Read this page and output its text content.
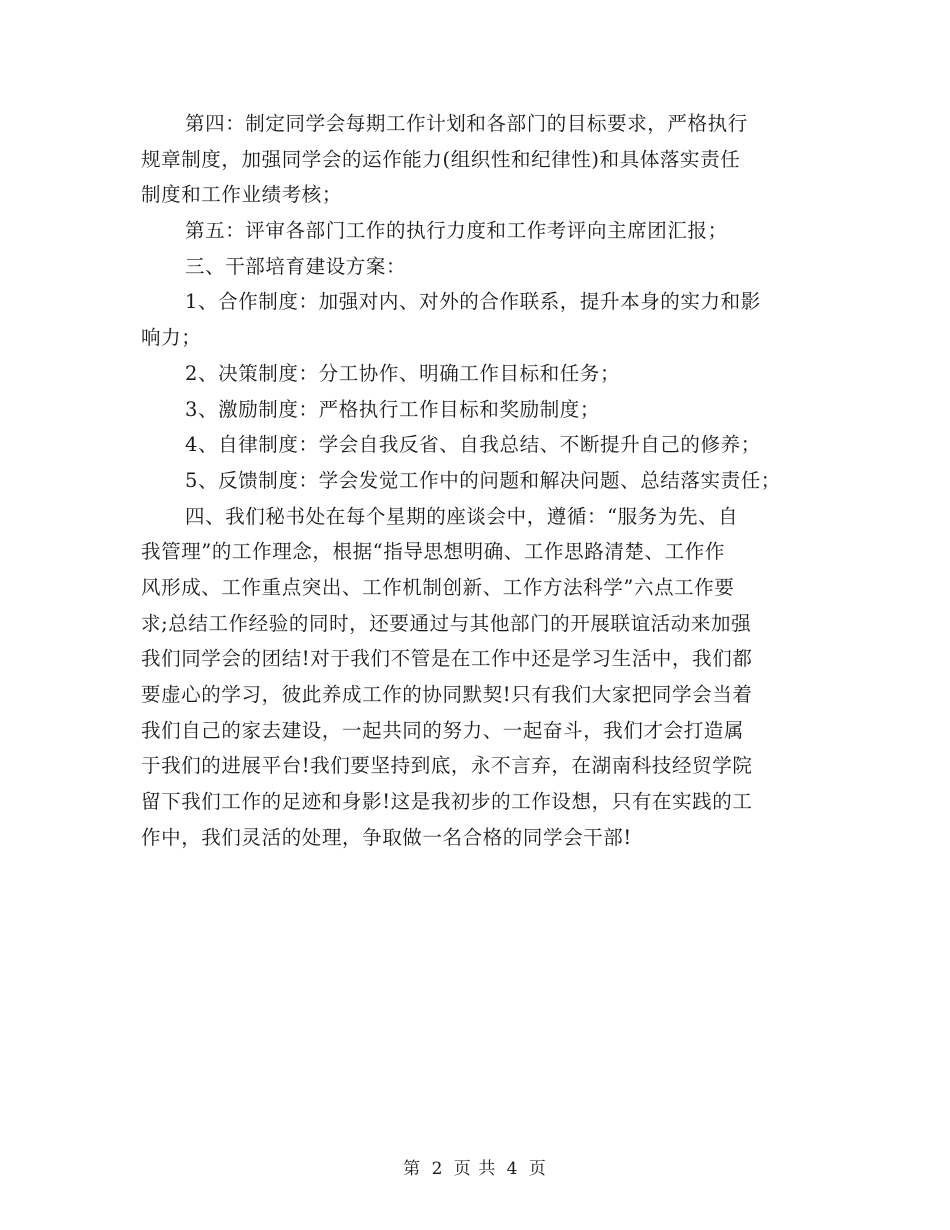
第四：制定同学会每期工作计划和各部门的目标要求，严格执行
规章制度，加强同学会的运作能力(组织性和纪律性)和具体落实责任
制度和工作业绩考核；
第五：评审各部门工作的执行力度和工作考评向主席团汇报；
三、干部培育建设方案：
1、合作制度：加强对内、对外的合作联系，提升本身的实力和影
响力；
2、决策制度：分工协作、明确工作目标和任务；
3、激励制度：严格执行工作目标和奖励制度；
4、自律制度：学会自我反省、自我总结、不断提升自己的修养；
5、反馈制度：学会发觉工作中的问题和解决问题、总结落实责任；
四、我们秘书处在每个星期的座谈会中，遵循：“服务为先、自
我管理”的工作理念，根据“指导思想明确、工作思路清楚、工作作
风形成、工作重点突出、工作机制创新、工作方法科学”六点工作要
求;总结工作经验的同时，还要通过与其他部门的开展联谊活动来加强
我们同学会的团结!对于我们不管是在工作中还是学习生活中，我们都
要虚心的学习，彼此养成工作的协同默契!只有我们大家把同学会当着
我们自己的家去建设，一起共同的努力、一起奋斗，我们才会打造属
于我们的进展平台!我们要坚持到底，永不言弃，在湖南科技经贸学院
留下我们工作的足迹和身影!这是我初步的工作设想，只有在实践的工
作中，我们灵活的处理，争取做一名合格的同学会干部!
第 2 页 共 4 页
